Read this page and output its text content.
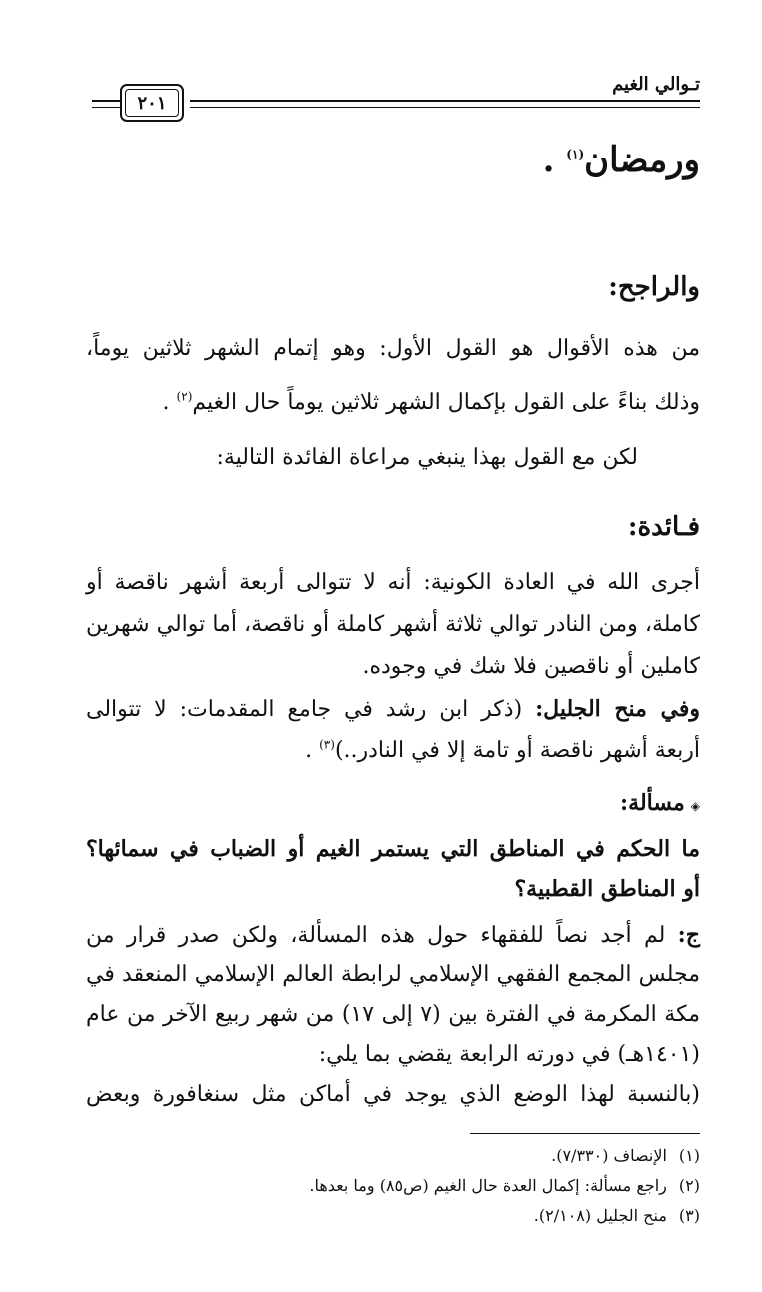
تـوالي الغيم
٢٠١
ورمضان$^{(١)}$ .
والراجح:
من هذه الأقوال هو القول الأول: وهو إتمام الشهر ثلاثين يوماً،
وذلك بناءً على القول بإكمال الشهر ثلاثين يوماً حال الغيم$^{(٢)}$ .
لكن مع القول بهذا ينبغي مراعاة الفائدة التالية:
فـائدة:
أجرى الله في العادة الكونية: أنه لا تتوالى أربعة أشهر ناقصة أو
كاملة، ومن النادر توالي ثلاثة أشهر كاملة أو ناقصة، أما توالي شهرين
كاملين أو ناقصين فلا شك في وجوده.
وفي منح الجليل: (ذكر ابن رشد في جامع المقدمات: لا تتوالى
أربعة أشهر ناقصة أو تامة إلا في النادر..)$^{(٣)}$ .
◈مسألة:
ما الحكم في المناطق التي يستمر الغيم أو الضباب في سمائها؟
أو المناطق القطبية؟
ج: لم أجد نصاً للفقهاء حول هذه المسألة، ولكن صدر قرار من
مجلس المجمع الفقهي الإسلامي لرابطة العالم الإسلامي المنعقد في
مكة المكرمة في الفترة بين (٧ إلى ١٧) من شهر ربيع الآخر من عام
(١٤٠١هـ) في دورته الرابعة يقضي بما يلي:
(بالنسبة لهذا الوضع الذي يوجد في أماكن مثل سنغافورة وبعض
(١)الإنصاف (٧/٣٣٠).
(٢)راجع مسألة: إكمال العدة حال الغيم (ص٨٥) وما بعدها.
(٣)منح الجليل (٢/١٠٨).
